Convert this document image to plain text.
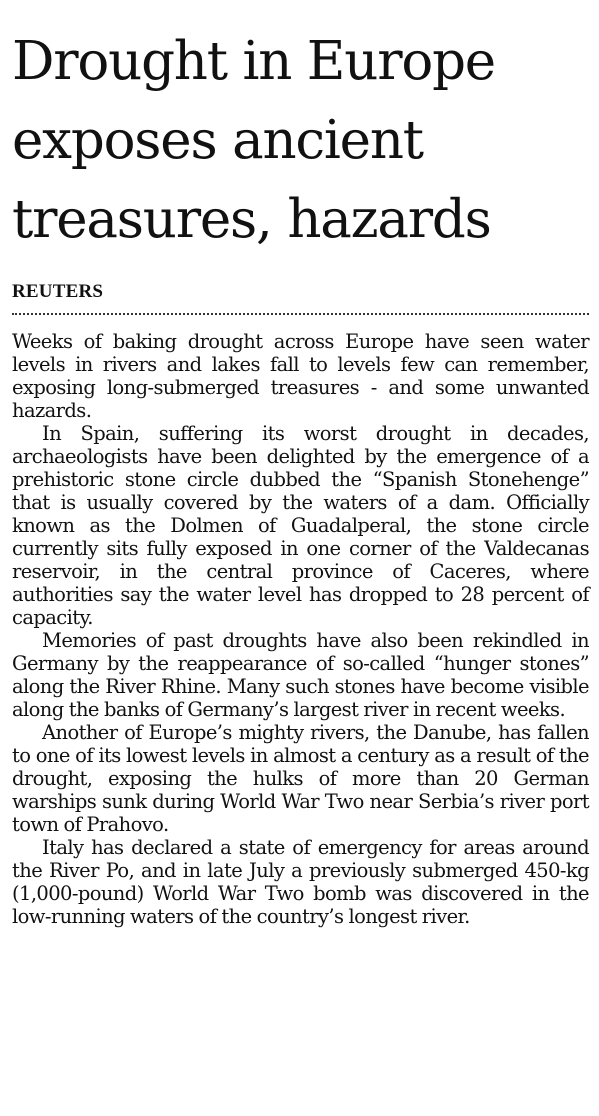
Drought in Europe exposes ancient treasures, hazards
REUTERS

Weeks of baking drought across Europe have seen water levels in rivers and lakes fall to levels few can remember, exposing long-submerged treasures - and some unwanted hazards.

In Spain, suffering its worst drought in decades, archaeologists have been delighted by the emergence of a prehistoric stone circle dubbed the “Spanish Stonehenge” that is usually covered by the waters of a dam. Officially known as the Dolmen of Guadalperal, the stone circle currently sits fully exposed in one corner of the Valdecanas reservoir, in the central province of Caceres, where authorities say the water level has dropped to 28 percent of capacity.

Memories of past droughts have also been rekindled in Germany by the reappearance of so-called “hunger stones” along the River Rhine. Many such stones have become visible along the banks of Germany’s largest river in recent weeks.

Another of Europe’s mighty rivers, the Danube, has fallen to one of its lowest levels in almost a century as a result of the drought, exposing the hulks of more than 20 German warships sunk during World War Two near Serbia’s river port town of Prahovo.

Italy has declared a state of emergency for areas around the River Po, and in late July a previously submerged 450-kg (1,000-pound) World War Two bomb was discovered in the low-running waters of the country’s longest river.
